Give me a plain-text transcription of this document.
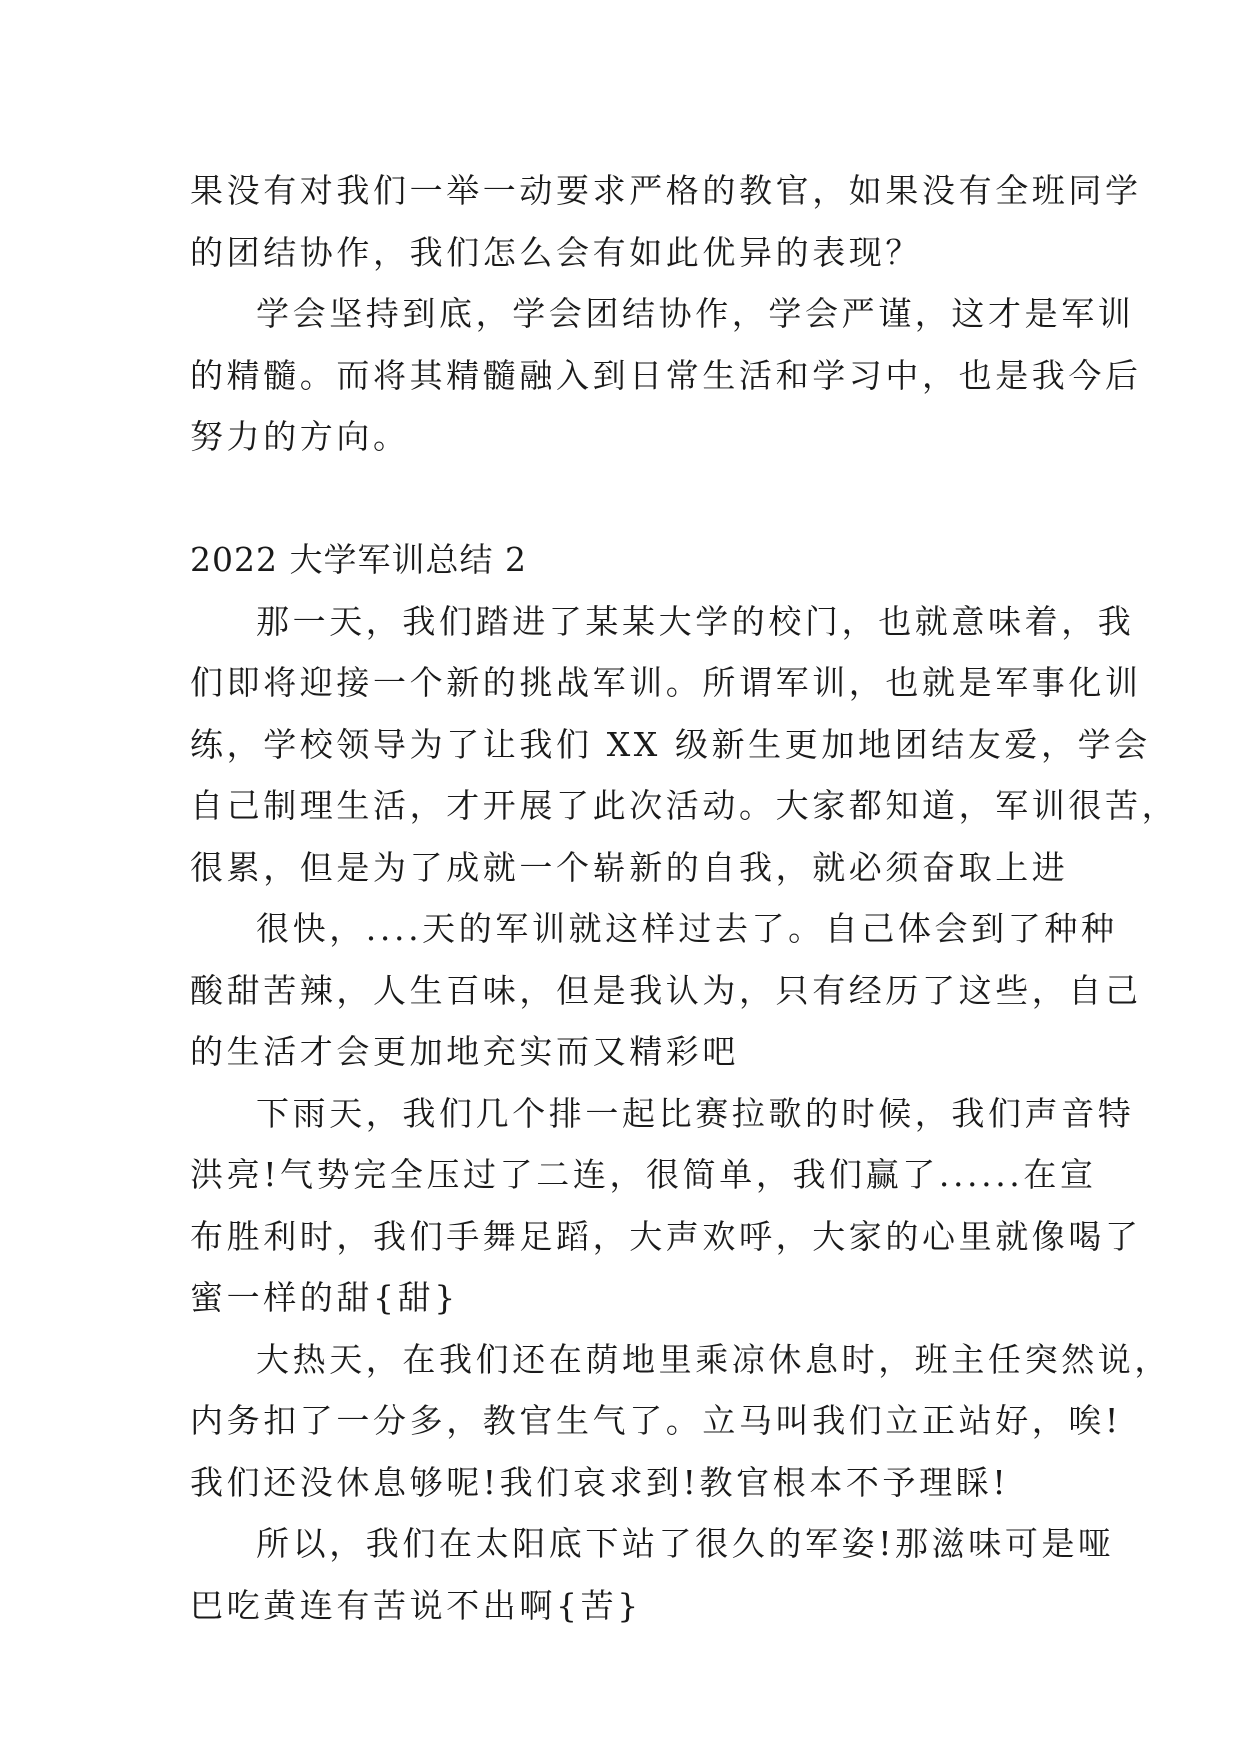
果没有对我们一举一动要求严格的教官，如果没有全班同学
的团结协作，我们怎么会有如此优异的表现？
学会坚持到底，学会团结协作，学会严谨，这才是军训
的精髓。而将其精髓融入到日常生活和学习中，也是我今后
努力的方向。
2022 大学军训总结 2
那一天，我们踏进了某某大学的校门，也就意味着，我
们即将迎接一个新的挑战军训。所谓军训，也就是军事化训
练，学校领导为了让我们 XX 级新生更加地团结友爱，学会
自己制理生活，才开展了此次活动。大家都知道，军训很苦，
很累，但是为了成就一个崭新的自我，就必须奋取上进
很快，....天的军训就这样过去了。自己体会到了种种
酸甜苦辣，人生百味，但是我认为，只有经历了这些，自己
的生活才会更加地充实而又精彩吧
下雨天，我们几个排一起比赛拉歌的时候，我们声音特
洪亮!气势完全压过了二连，很简单，我们赢了......在宣
布胜利时，我们手舞足蹈，大声欢呼，大家的心里就像喝了
蜜一样的甜{甜}
大热天，在我们还在荫地里乘凉休息时，班主任突然说，
内务扣了一分多，教官生气了。立马叫我们立正站好，唉!
我们还没休息够呢!我们哀求到!教官根本不予理睬!
所以，我们在太阳底下站了很久的军姿!那滋味可是哑
巴吃黄连有苦说不出啊{苦}
